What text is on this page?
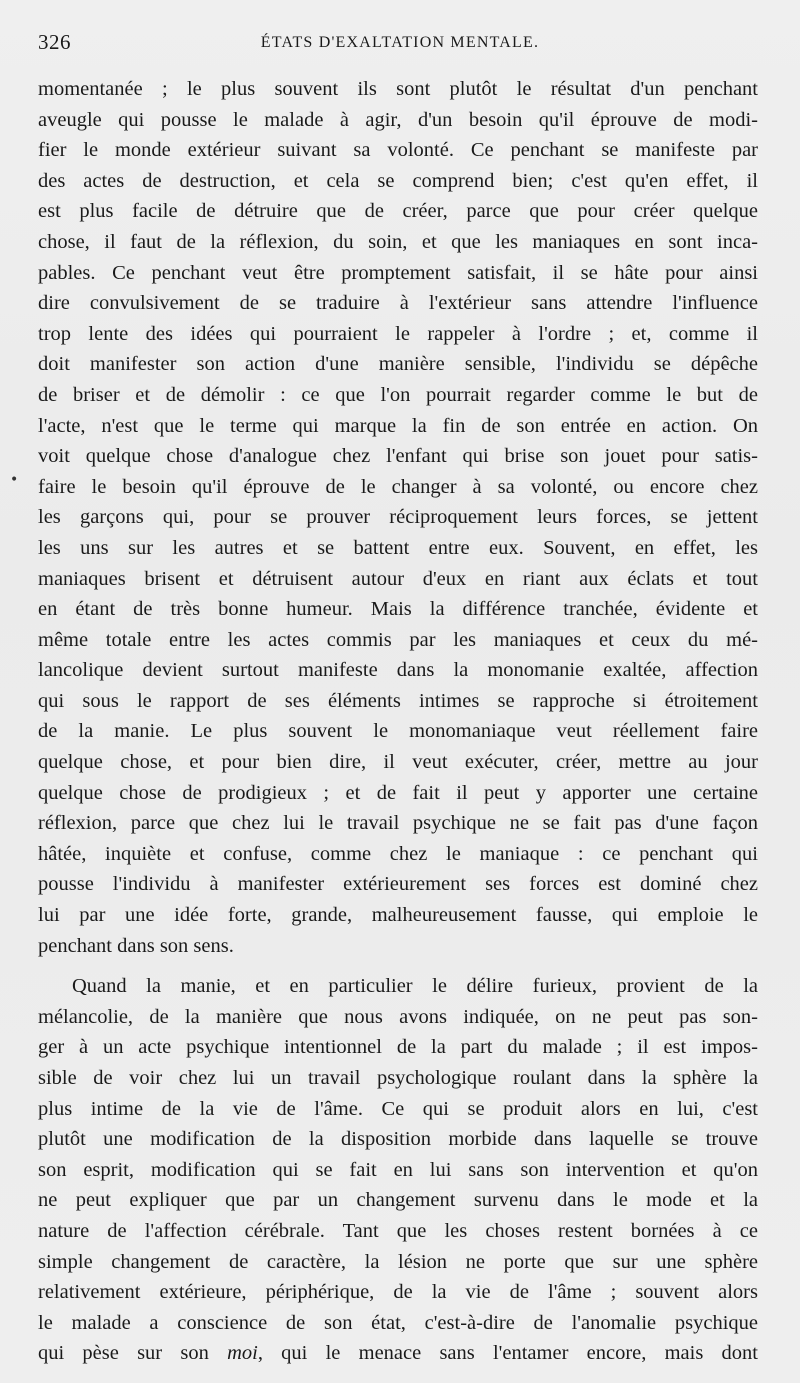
326	ÉTATS D'EXALTATION MENTALE.
•
momentanée ; le plus souvent ils sont plutôt le résultat d'un penchant
aveugle qui pousse le malade à agir, d'un besoin qu'il éprouve de modi-
fier le monde extérieur suivant sa volonté. Ce penchant se manifeste par
des actes de destruction, et cela se comprend bien; c'est qu'en effet, il
est plus facile de détruire que de créer, parce que pour créer quelque
chose, il faut de la réflexion, du soin, et que les maniaques en sont inca-
pables. Ce penchant veut être promptement satisfait, il se hâte pour ainsi
dire convulsivement de se traduire à l'extérieur sans attendre l'influence
trop lente des idées qui pourraient le rappeler à l'ordre ; et, comme il
doit manifester son action d'une manière sensible, l'individu se dépêche
de briser et de démolir : ce que l'on pourrait regarder comme le but de
l'acte, n'est que le terme qui marque la fin de son entrée en action. On
voit quelque chose d'analogue chez l'enfant qui brise son jouet pour satis-
faire le besoin qu'il éprouve de le changer à sa volonté, ou encore chez
les garçons qui, pour se prouver réciproquement leurs forces, se jettent
les uns sur les autres et se battent entre eux. Souvent, en effet, les
maniaques brisent et détruisent autour d'eux en riant aux éclats et tout
en étant de très bonne humeur. Mais la différence tranchée, évidente et
même totale entre les actes commis par les maniaques et ceux du mé-
lancolique devient surtout manifeste dans la monomanie exaltée, affection
qui sous le rapport de ses éléments intimes se rapproche si étroitement
de la manie. Le plus souvent le monomaniaque veut réellement faire
quelque chose, et pour bien dire, il veut exécuter, créer, mettre au jour
quelque chose de prodigieux ; et de fait il peut y apporter une certaine
réflexion, parce que chez lui le travail psychique ne se fait pas d'une façon
hâtée, inquiète et confuse, comme chez le maniaque : ce penchant qui
pousse l'individu à manifester extérieurement ses forces est dominé chez
lui par une idée forte, grande, malheureusement fausse, qui emploie le
penchant dans son sens.
Quand la manie, et en particulier le délire furieux, provient de la
mélancolie, de la manière que nous avons indiquée, on ne peut pas son-
ger à un acte psychique intentionnel de la part du malade ; il est impos-
sible de voir chez lui un travail psychologique roulant dans la sphère la
plus intime de la vie de l'âme. Ce qui se produit alors en lui, c'est
plutôt une modification de la disposition morbide dans laquelle se trouve
son esprit, modification qui se fait en lui sans son intervention et qu'on
ne peut expliquer que par un changement survenu dans le mode et la
nature de l'affection cérébrale. Tant que les choses restent bornées à ce
simple changement de caractère, la lésion ne porte que sur une sphère
relativement extérieure, périphérique, de la vie de l'âme ; souvent alors
le malade a conscience de son état, c'est-à-dire de l'anomalie psychique
qui pèse sur son moi, qui le menace sans l'entamer encore, mais dont
